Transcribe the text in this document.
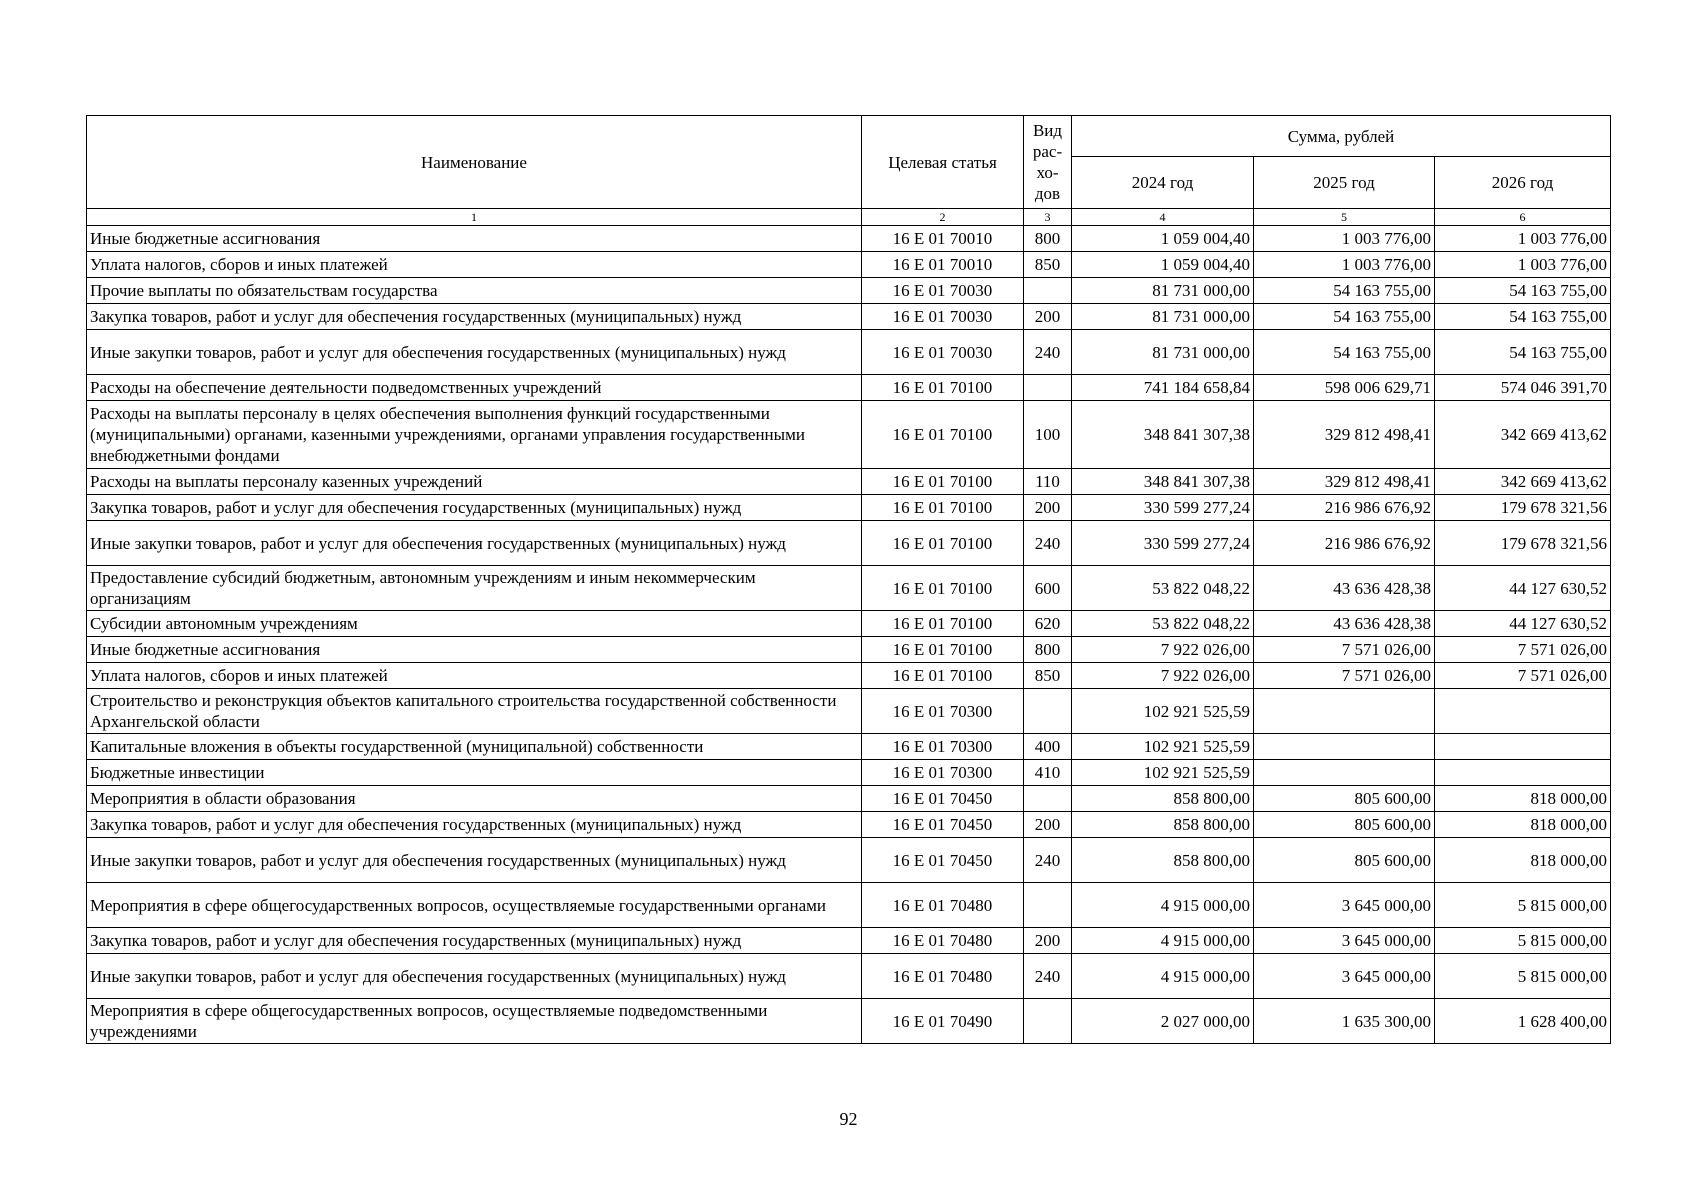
Наименование	Целевая статья	Вид рас-хо-дов	Сумма, рублей		
			2024 год	2025 год	2026 год
1	2	3	4	5	6
Иные бюджетные ассигнования	16 Е 01 70010	800	1 059 004,40	1 003 776,00	1 003 776,00
Уплата налогов, сборов и иных платежей	16 Е 01 70010	850	1 059 004,40	1 003 776,00	1 003 776,00
Прочие выплаты по обязательствам государства	16 Е 01 70030		81 731 000,00	54 163 755,00	54 163 755,00
Закупка товаров, работ и услуг для обеспечения государственных (муниципальных) нужд	16 Е 01 70030	200	81 731 000,00	54 163 755,00	54 163 755,00
Иные закупки товаров, работ и услуг для обеспечения государственных (муниципальных) нужд	16 Е 01 70030	240	81 731 000,00	54 163 755,00	54 163 755,00
Расходы на обеспечение деятельности подведомственных учреждений	16 Е 01 70100		741 184 658,84	598 006 629,71	574 046 391,70
Расходы на выплаты персоналу в целях обеспечения выполнения функций государственными (муниципальными) органами, казенными учреждениями, органами управления государственными внебюджетными фондами	16 Е 01 70100	100	348 841 307,38	329 812 498,41	342 669 413,62
Расходы на выплаты персоналу казенных учреждений	16 Е 01 70100	110	348 841 307,38	329 812 498,41	342 669 413,62
Закупка товаров, работ и услуг для обеспечения государственных (муниципальных) нужд	16 Е 01 70100	200	330 599 277,24	216 986 676,92	179 678 321,56
Иные закупки товаров, работ и услуг для обеспечения государственных (муниципальных) нужд	16 Е 01 70100	240	330 599 277,24	216 986 676,92	179 678 321,56
Предоставление субсидий бюджетным, автономным учреждениям и иным некоммерческим организациям	16 Е 01 70100	600	53 822 048,22	43 636 428,38	44 127 630,52
Субсидии автономным учреждениям	16 Е 01 70100	620	53 822 048,22	43 636 428,38	44 127 630,52
Иные бюджетные ассигнования	16 Е 01 70100	800	7 922 026,00	7 571 026,00	7 571 026,00
Уплата налогов, сборов и иных платежей	16 Е 01 70100	850	7 922 026,00	7 571 026,00	7 571 026,00
Строительство и реконструкция объектов капитального строительства государственной собственности Архангельской области	16 Е 01 70300		102 921 525,59		
Капитальные вложения в объекты государственной (муниципальной) собственности	16 Е 01 70300	400	102 921 525,59		
Бюджетные инвестиции	16 Е 01 70300	410	102 921 525,59		
Мероприятия в области образования	16 Е 01 70450		858 800,00	805 600,00	818 000,00
Закупка товаров, работ и услуг для обеспечения государственных (муниципальных) нужд	16 Е 01 70450	200	858 800,00	805 600,00	818 000,00
Иные закупки товаров, работ и услуг для обеспечения государственных (муниципальных) нужд	16 Е 01 70450	240	858 800,00	805 600,00	818 000,00
Мероприятия в сфере общегосударственных вопросов, осуществляемые государственными органами	16 Е 01 70480		4 915 000,00	3 645 000,00	5 815 000,00
Закупка товаров, работ и услуг для обеспечения государственных (муниципальных) нужд	16 Е 01 70480	200	4 915 000,00	3 645 000,00	5 815 000,00
Иные закупки товаров, работ и услуг для обеспечения государственных (муниципальных) нужд	16 Е 01 70480	240	4 915 000,00	3 645 000,00	5 815 000,00
Мероприятия в сфере общегосударственных вопросов, осуществляемые подведомственными учреждениями	16 Е 01 70490		2 027 000,00	1 635 300,00	1 628 400,00
92
